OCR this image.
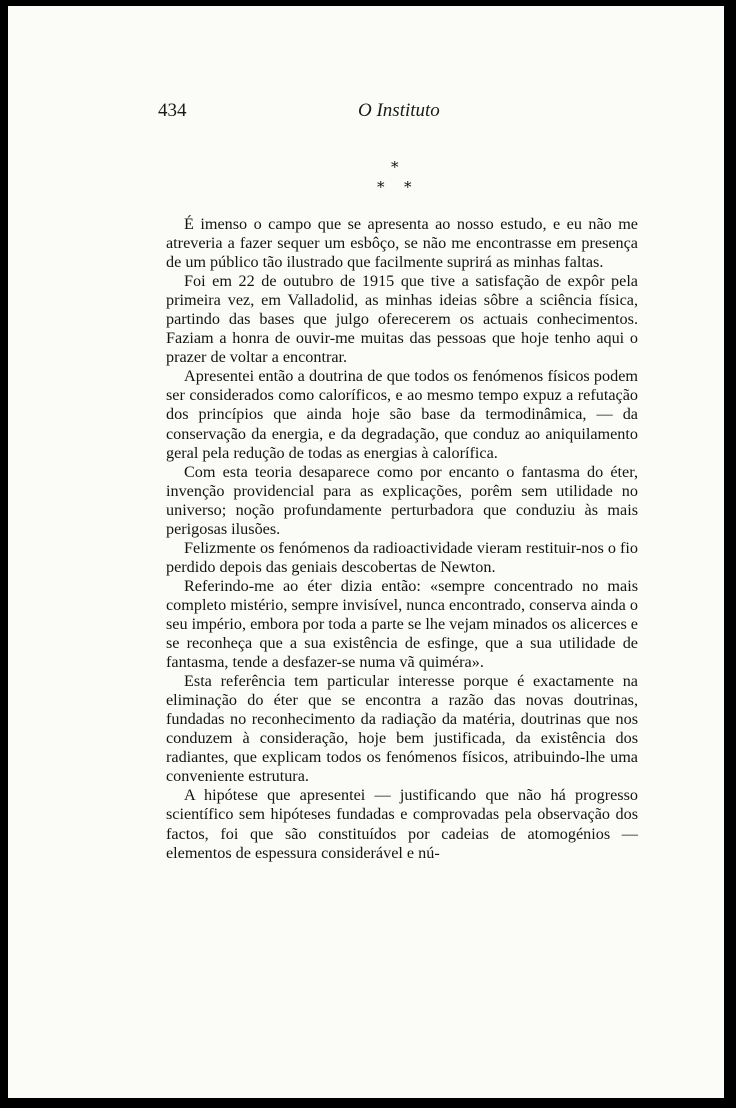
434	O Instituto
*
* *

É imenso o campo que se apresenta ao nosso estudo, e eu não me atreveria a fazer sequer um esbôço, se não me encontrasse em presença de um público tão ilustrado que facilmente suprirá as minhas faltas.

Foi em 22 de outubro de 1915 que tive a satisfação de expôr pela primeira vez, em Valladolid, as minhas ideias sôbre a sciência física, partindo das bases que julgo oferecerem os actuais conhecimentos. Faziam a honra de ouvir-me muitas das pessoas que hoje tenho aqui o prazer de voltar a encontrar.

Apresentei então a doutrina de que todos os fenómenos físicos podem ser considerados como caloríficos, e ao mesmo tempo expuz a refutação dos princípios que ainda hoje são base da termodinâmica, — da conservação da energia, e da degradação, que conduz ao aniquilamento geral pela redução de todas as energias à calorífica.

Com esta teoria desaparece como por encanto o fantasma do éter, invenção providencial para as explicações, porêm sem utilidade no universo; noção profundamente perturbadora que conduziu às mais perigosas ilusões.

Felizmente os fenómenos da radioactividade vieram restituir-nos o fio perdido depois das geniais descobertas de Newton.

Referindo-me ao éter dizia então: «sempre concentrado no mais completo mistério, sempre invisível, nunca encontrado, conserva ainda o seu império, embora por toda a parte se lhe vejam minados os alicerces e se reconheça que a sua existência de esfinge, que a sua utilidade de fantasma, tende a desfazer-se numa vã quiméra».

Esta referência tem particular interesse porque é exactamente na eliminação do éter que se encontra a razão das novas doutrinas, fundadas no reconhecimento da radiação da matéria, doutrinas que nos conduzem à consideração, hoje bem justificada, da existência dos radiantes, que explicam todos os fenómenos físicos, atribuindo-lhe uma conveniente estrutura.

A hipótese que apresentei — justificando que não há progresso scientífico sem hipóteses fundadas e comprovadas pela observação dos factos, foi que são constituídos por cadeias de atomogénios — elementos de espessura considerável e nú-
